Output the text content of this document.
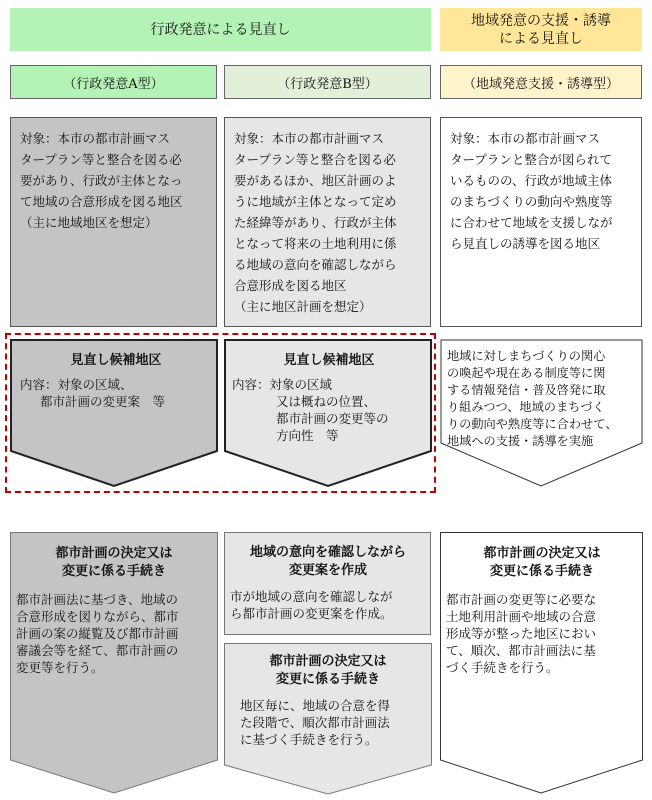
行政発意による見直し
地域発意の支援・誘導
による見直し
（行政発意A型）	（行政発意B型）	（地域発意支援・誘導型）
対象：本市の都市計画マス
タープラン等と整合を図る必
要があり、行政が主体となっ
て地域の合意形成を図る地区
（主に地域地区を想定）
対象：本市の都市計画マス
タープラン等と整合を図る必
要があるほか、地区計画のよ
うに地域が主体となって定め
た経緯等があり、行政が主体
となって将来の土地利用に係
る地域の意向を確認しながら
合意形成を図る地区
（主に地区計画を想定）
対象：本市の都市計画マス
タープランと整合が図られて
いるものの、行政が地域主体
のまちづくりの動向や熟度等
に合わせて地域を支援しなが
ら見直しの誘導を図る地区
見直し候補地区
内容： 対象の区域、
都市計画の変更案　等
見直し候補地区
内容： 対象の区域
又は概ねの位置、
都市計画の変更等の
方向性　等
地域に対しまちづくりの関心
の喚起や現在ある制度等に関
する情報発信・普及啓発に取
り組みつつ、地域のまちづく
りの動向や熟度等に合わせて、
地域への支援・誘導を実施
都市計画の決定又は
変更に係る手続き
都市計画法に基づき、地域の
合意形成を図りながら、都市
計画の案の縦覧及び都市計画
審議会等を経て、都市計画の
変更等を行う。
地域の意向を確認しながら
変更案を作成
市が地域の意向を確認しなが
ら都市計画の変更案を作成。
都市計画の決定又は
変更に係る手続き
地区毎に、地域の合意を得
た段階で、順次都市計画法
に基づく手続きを行う。
都市計画の決定又は
変更に係る手続き
都市計画の変更等に必要な
土地利用計画や地域の合意
形成等が整った地区におい
て、順次、都市計画法に基
づく手続きを行う。
